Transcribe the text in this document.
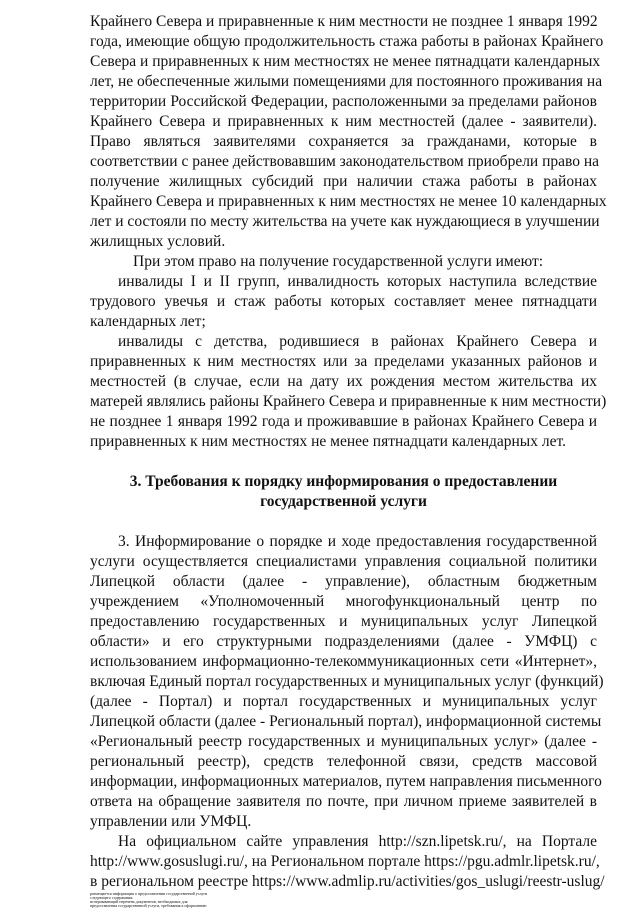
Крайнего Севера и приравненные к ним местности не позднее 1 января 1992
года, имеющие общую продолжительность стажа работы в районах Крайнего
Севера и приравненных к ним местностях не менее пятнадцати календарных
лет, не обеспеченные жилыми помещениями для постоянного проживания на
территории Российской Федерации, расположенными за пределами районов
Крайнего Севера и приравненных к ним местностей (далее - заявители).
Право являться заявителями сохраняется за гражданами, которые в
соответствии с ранее действовавшим законодательством приобрели право на
получение жилищных субсидий при наличии стажа работы в районах
Крайнего Севера и приравненных к ним местностях не менее 10 календарных
лет и состояли по месту жительства на учете как нуждающиеся в улучшении
жилищных условий.
При этом право на получение государственной услуги имеют:
инвалиды I и II групп, инвалидность которых наступила вследствие
трудового увечья и стаж работы которых составляет менее пятнадцати
календарных лет;
инвалиды с детства, родившиеся в районах Крайнего Севера и
приравненных к ним местностях или за пределами указанных районов и
местностей (в случае, если на дату их рождения местом жительства их
матерей являлись районы Крайнего Севера и приравненные к ним местности)
не позднее 1 января 1992 года и проживавшие в районах Крайнего Севера и
приравненных к ним местностях не менее пятнадцати календарных лет.
3. Требования к порядку информирования о предоставлении
государственной услуги
3. Информирование о порядке и ходе предоставления государственной
услуги осуществляется специалистами управления социальной политики
Липецкой области (далее - управление), областным бюджетным
учреждением «Уполномоченный многофункциональный центр по
предоставлению государственных и муниципальных услуг Липецкой
области» и его структурными подразделениями (далее - УМФЦ) с
использованием информационно-телекоммуникационных сети «Интернет»,
включая Единый портал государственных и муниципальных услуг (функций)
(далее - Портал) и портал государственных и муниципальных услуг
Липецкой области (далее - Региональный портал), информационной системы
«Региональный реестр государственных и муниципальных услуг» (далее -
региональный реестр), средств телефонной связи, средств массовой
информации, информационных материалов, путем направления письменного
ответа на обращение заявителя по почте, при личном приеме заявителей в
управлении или УМФЦ.
На официальном сайте управления http://szn.lipetsk.ru/, на Портале
http://www.gosuslugi.ru/, на Региональном портале https://pgu.admlr.lipetsk.ru/,
в региональном реестре https://www.admlip.ru/activities/gos_uslugi/reestr-uslug/
размещается информация о предоставлении государственной услуги
следующего содержания:
исчерпывающий перечень документов, необходимых для
предоставления государственной услуги, требования к оформлению
